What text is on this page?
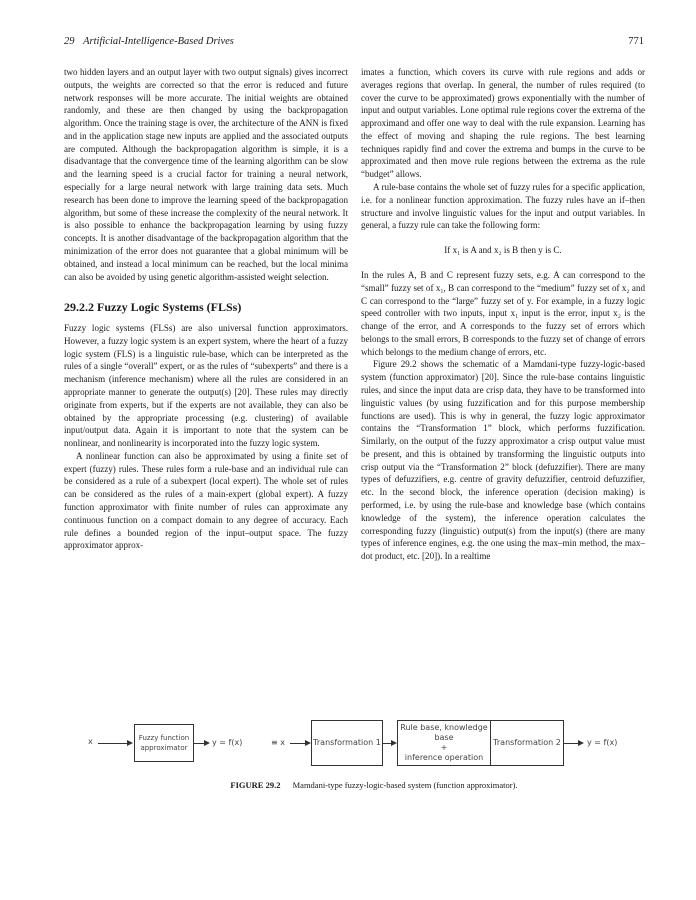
29 Artificial-Intelligence-Based Drives	771

two hidden layers and an output layer with two output signals) gives incorrect outputs, the weights are corrected so that the error is reduced and future network responses will be more accurate. The initial weights are obtained randomly, and these are then changed by using the backpropagation algorithm. Once the training stage is over, the architecture of the ANN is fixed and in the application stage new inputs are applied and the associated outputs are computed. Although the backpropagation algorithm is simple, it is a disadvantage that the convergence time of the learning algorithm can be slow and the learning speed is a crucial factor for training a neural network, especially for a large neural network with large training data sets. Much research has been done to improve the learning speed of the backpropagation algorithm, but some of these increase the complexity of the neural network. It is also possible to enhance the backpropagation learning by using fuzzy concepts. It is another disadvantage of the backpropagation algorithm that the minimization of the error does not guarantee that a global minimum will be obtained, and instead a local minimum can be reached, but the local minima can also be avoided by using genetic algorithm-assisted weight selection.

29.2.2 Fuzzy Logic Systems (FLSs)

Fuzzy logic systems (FLSs) are also universal function approximators. However, a fuzzy logic system is an expert system, where the heart of a fuzzy logic system (FLS) is a linguistic rule-base, which can be interpreted as the rules of a single “overall” expert, or as the rules of “subexperts” and there is a mechanism (inference mechanism) where all the rules are considered in an appropriate manner to generate the output(s) [20]. These rules may directly originate from experts, but if the experts are not available, they can also be obtained by the appropriate processing (e.g. clustering) of available input/output data. Again it is important to note that the system can be nonlinear, and nonlinearity is incorporated into the fuzzy logic system.

A nonlinear function can also be approximated by using a finite set of expert (fuzzy) rules. These rules form a rule-base and an individual rule can be considered as a rule of a subexpert (local expert). The whole set of rules can be considered as the rules of a main-expert (global expert). A fuzzy function approximator with finite number of rules can approximate any continuous function on a compact domain to any degree of accuracy. Each rule defines a bounded region of the input–output space. The fuzzy approximator approx-

imates a function, which covers its curve with rule regions and adds or averages regions that overlap. In general, the number of rules required (to cover the curve to be approximated) grows exponentially with the number of input and output variables. Lone optimal rule regions cover the extrema of the approximand and offer one way to deal with the rule expansion. Learning has the effect of moving and shaping the rule regions. The best learning techniques rapidly find and cover the extrema and bumps in the curve to be approximated and then move rule regions between the extrema as the rule “budget” allows.

A rule-base contains the whole set of fuzzy rules for a specific application, i.e. for a nonlinear function approximation. The fuzzy rules have an if–then structure and involve linguistic values for the input and output variables. In general, a fuzzy rule can take the following form:

If x₁ is A and x₂ is B then y is C.

In the rules A, B and C represent fuzzy sets, e.g. A can correspond to the “small” fuzzy set of x₁, B can correspond to the “medium” fuzzy set of x₂ and C can correspond to the “large” fuzzy set of y. For example, in a fuzzy logic speed controller with two inputs, input x₁ input is the error, input x₂ is the change of the error, and A corresponds to the fuzzy set of errors which belongs to the small errors, B corresponds to the fuzzy set of change of errors which belongs to the medium change of errors, etc.

Figure 29.2 shows the schematic of a Mamdani-type fuzzy-logic-based system (function approximator) [20]. Since the rule-base contains linguistic rules, and since the input data are crisp data, they have to be transformed into linguistic values (by using fuzzification and for this purpose membership functions are used). This is why in general, the fuzzy logic approximator contains the “Transformation 1” block, which performs fuzzification. Similarly, on the output of the fuzzy approximator a crisp output value must be present, and this is obtained by transforming the linguistic outputs into crisp output via the “Transformation 2” block (defuzzifier). There are many types of defuzzifiers, e.g. centre of gravity defuzzifier, centroid defuzzifier, etc. In the second block, the inference operation (decision making) is performed, i.e. by using the rule-base and knowledge base (which contains knowledge of the system), the inference operation calculates the corresponding fuzzy (linguistic) output(s) from the input(s) (there are many types of inference engines, e.g. the one using the max–min method, the max–dot product, etc. [20]). In a realtime

x	Fuzzy function approximator
y = f(x)	≡ x	Transformation 1
Rule base, knowledge base
+
inference operation
Transformation 2	y = f(x)
FIGURE 29.2 Mamdani-type fuzzy-logic-based system (function approximator).
